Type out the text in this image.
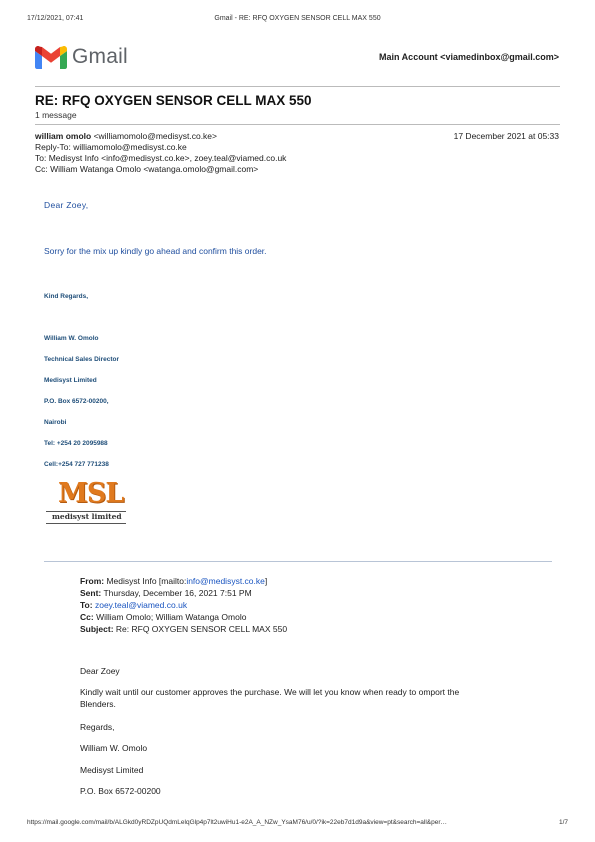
17/12/2021, 07:41	Gmail - RE: RFQ OXYGEN SENSOR CELL MAX 550
Gmail	Main Account <viamedinbox@gmail.com>
RE: RFQ OXYGEN SENSOR CELL MAX 550
1 message
william omolo <williamomolo@medisyst.co.ke>	17 December 2021 at 05:33
Reply-To: williamomolo@medisyst.co.ke
To: Medisyst Info <info@medisyst.co.ke>, zoey.teal@viamed.co.uk
Cc: William Watanga Omolo <watanga.omolo@gmail.com>
Dear Zoey,
Sorry for the mix up kindly go ahead and confirm this order.
Kind Regards,
William W. Omolo
Technical Sales Director
Medisyst Limited
P.O. Box 6572-00200,
Nairobi
Tel: +254 20 2095988
Cell:+254 727 771238
MSL
medisyst limited
From: Medisyst Info [mailto:info@medisyst.co.ke]
Sent: Thursday, December 16, 2021 7:51 PM
To: zoey.teal@viamed.co.uk
Cc: William Omolo; William Watanga Omolo
Subject: Re: RFQ OXYGEN SENSOR CELL MAX 550
Dear Zoey
Kindly wait until our customer approves the purchase. We will let you know when ready to omport the
Blenders.
Regards,
William W. Omolo
Medisyst Limited
P.O. Box 6572-00200
https://mail.google.com/mail/b/ALGkd0yRDZpUQdmLelqGlp4p7lt2uwiHu1-e2A_A_NZw_YsaM76/u/0/?ik=22eb7d1d9a&view=pt&search=all&per…	1/7
